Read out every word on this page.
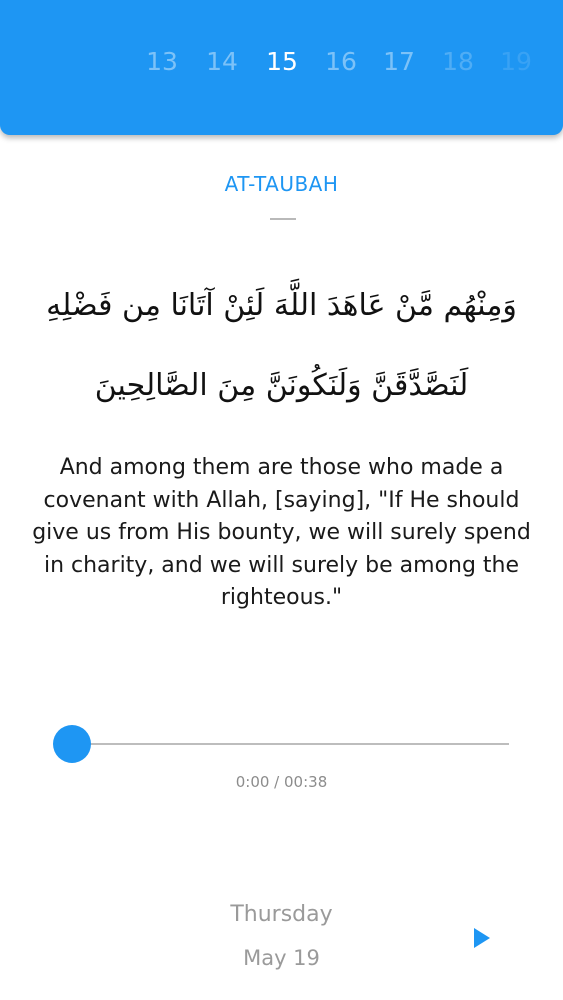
13	14	15	16	17	18	19
AT-TAUBAH
وَمِنْهُم مَّنْ عَاهَدَ اللَّهَ لَئِنْ آتَانَا مِن فَضْلِهِ
لَنَصَّدَّقَنَّ وَلَنَكُونَنَّ مِنَ الصَّالِحِينَ
And among them are those who made a covenant with Allah, [saying], "If He should give us from His bounty, we will surely spend in charity, and we will surely be among the righteous."
0:00 / 00:38
Thursday
May 19
